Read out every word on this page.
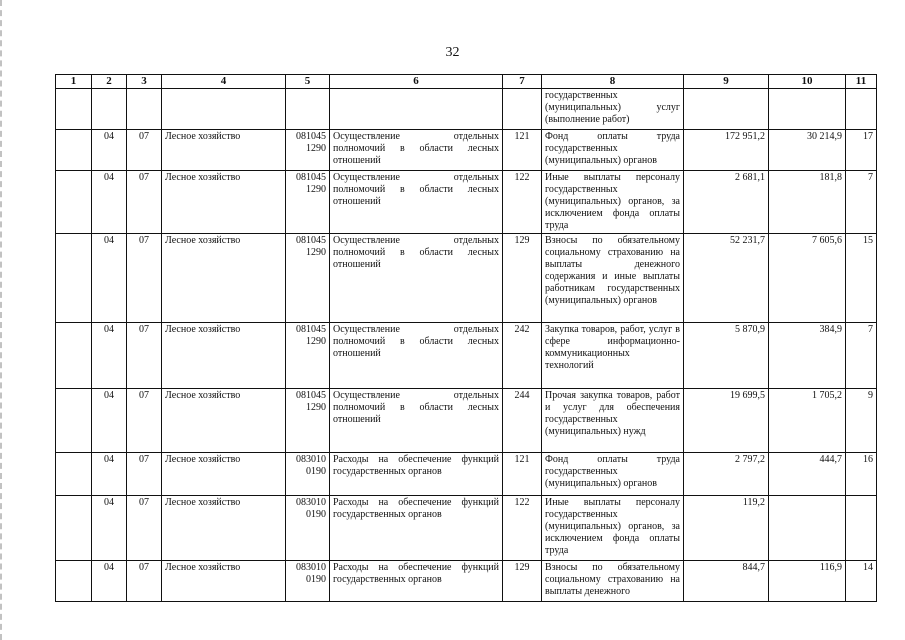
32
1	2	3	4	5	6	7	8	9	10	11
							государственных (муниципальных) услуг (выполнение работ)			
	04	07	Лесное хозяйство	081045 1290	Осуществление отдельных полномочий в области лесных отношений	121	Фонд оплаты труда государственных (муниципальных) органов	172 951,2	30 214,9	17
	04	07	Лесное хозяйство	081045 1290	Осуществление отдельных полномочий в области лесных отношений	122	Иные выплаты персоналу государственных (муниципальных) органов, за исключением фонда оплаты труда	2 681,1	181,8	7
	04	07	Лесное хозяйство	081045 1290	Осуществление отдельных полномочий в области лесных отношений	129	Взносы по обязательному социальному страхованию на выплаты денежного содержания и иные выплаты работникам государственных (муниципальных) органов	52 231,7	7 605,6	15
	04	07	Лесное хозяйство	081045 1290	Осуществление отдельных полномочий в области лесных отношений	242	Закупка товаров, работ, услуг в сфере информационно-коммуникационных технологий	5 870,9	384,9	7
	04	07	Лесное хозяйство	081045 1290	Осуществление отдельных полномочий в области лесных отношений	244	Прочая закупка товаров, работ и услуг для обеспечения государственных (муниципальных) нужд	19 699,5	1 705,2	9
	04	07	Лесное хозяйство	083010 0190	Расходы на обеспечение функций государственных органов	121	Фонд оплаты труда государственных (муниципальных) органов	2 797,2	444,7	16
	04	07	Лесное хозяйство	083010 0190	Расходы на обеспечение функций государственных органов	122	Иные выплаты персоналу государственных (муниципальных) органов, за исключением фонда оплаты труда	119,2		
	04	07	Лесное хозяйство	083010 0190	Расходы на обеспечение функций государственных органов	129	Взносы по обязательному социальному страхованию на выплаты денежного	844,7	116,9	14
